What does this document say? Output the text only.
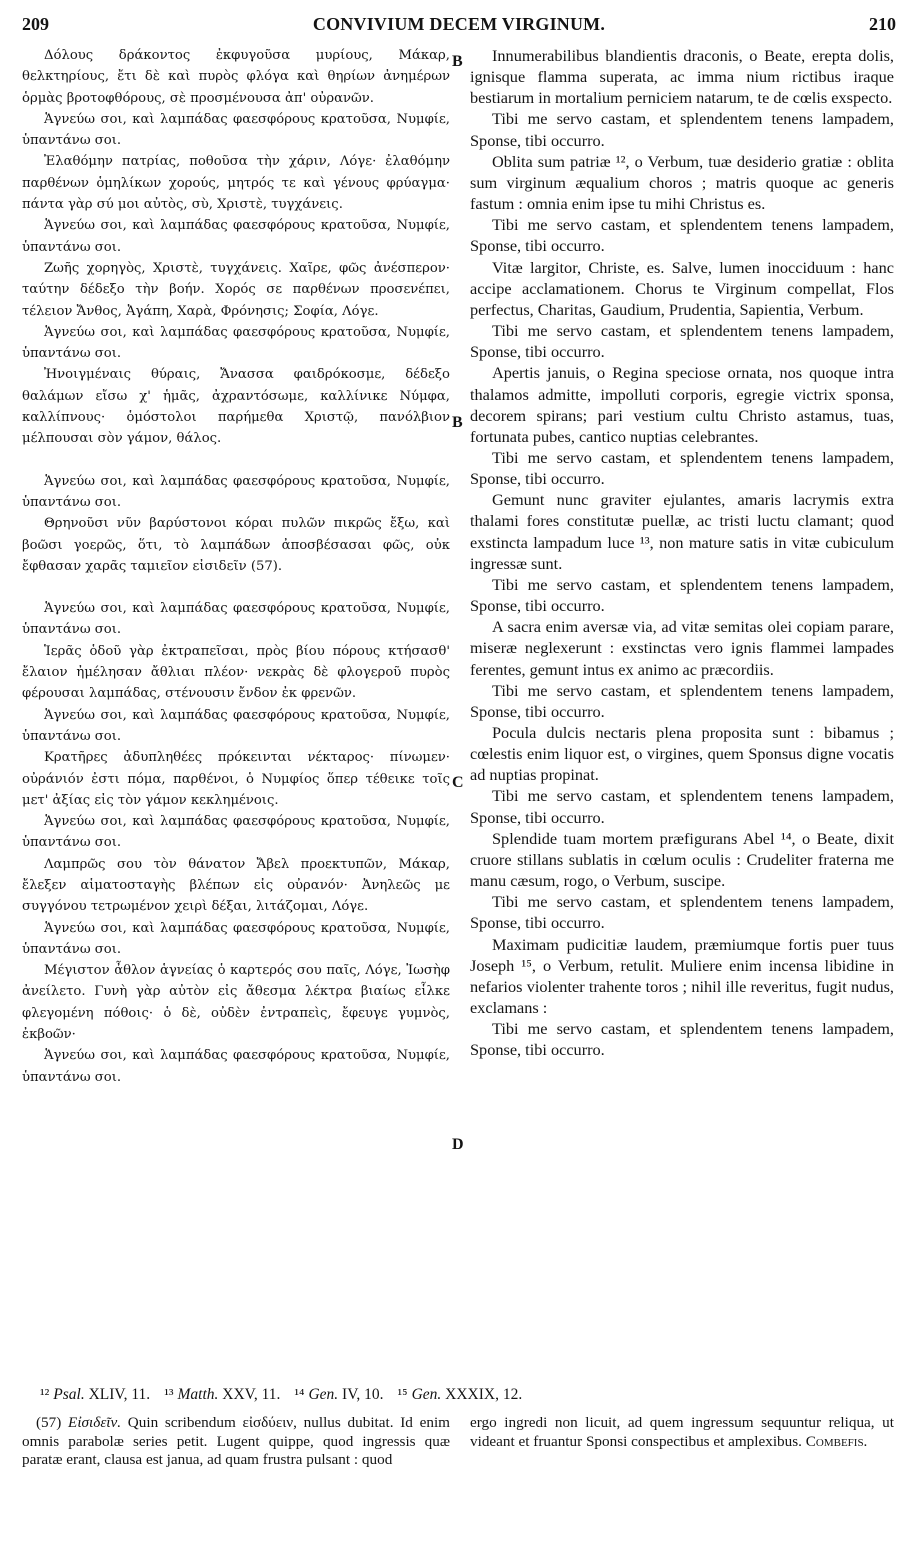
209	CONVIVIUM DECEM VIRGINUM.	210
Δόλους δράκοντος ἐκφυγοῦσα μυρίους, Μάκαρ, θελκτηρίους, ἔτι δὲ καὶ πυρὸς φλόγα καὶ θηρίων ἀνημέρων ὁρμὰς βροτοφθόρους, σὲ προσμένουσα ἀπ' οὐρανῶν.
Ἁγνεύω σοι, καὶ λαμπάδας φαεσφόρους κρατοῦσα, Νυμφίε, ὑπαντάνω σοι.
Ἐλαθόμην πατρίας, ποθοῦσα τὴν χάριν, Λόγε· ἐλαθόμην παρθένων ὁμηλίκων χορούς, μητρός τε καὶ γένους φρύαγμα· πάντα γὰρ σύ μοι αὐτὸς, σὺ, Χριστὲ, τυγχάνεις.
Ἁγνεύω σοι, καὶ λαμπάδας φαεσφόρους κρατοῦσα, Νυμφίε, ὑπαντάνω σοι.
Ζωῆς χορηγὸς, Χριστὲ, τυγχάνεις. Χαῖρε, φῶς ἀνέσπερον· ταύτην δέδεξο τὴν βοήν. Χορός σε παρθένων προσενέπει, τέλειον Ἄνθος, Ἀγάπη, Χαρὰ, Φρόνησις; Σοφία, Λόγε.
Ἁγνεύω σοι, καὶ λαμπάδας φαεσφόρους κρατοῦσα, Νυμφίε, ὑπαντάνω σοι.
Ἠνοιγμέναις θύραις, Ἄνασσα φαιδρόκοσμε, δέδεξο θαλάμων εἴσω χ' ἡμᾶς, ἀχραντόσωμε, καλλίνικε Νύμφα, καλλίπνους· ὁμόστολοι παρήμεθα Χριστῷ, πανόλβιον μέλπουσαι σὸν γάμον, θάλος.
Ἁγνεύω σοι, καὶ λαμπάδας φαεσφόρους κρατοῦσα, Νυμφίε, ὑπαντάνω σοι.
Θρηνοῦσι νῦν βαρύστονοι κόραι πυλῶν πικρῶς ἔξω, καὶ βοῶσι γοερῶς, ὅτι, τὸ λαμπάδων ἀποσβέσασαι φῶς, οὐκ ἔφθασαν χαρᾶς ταμιεῖον εἰσιδεῖν (57).
Ἁγνεύω σοι, καὶ λαμπάδας φαεσφόρους κρατοῦσα, Νυμφίε, ὑπαντάνω σοι.
Ἱερᾶς ὁδοῦ γὰρ ἐκτραπεῖσαι, πρὸς βίου πόρους κτήσασθ' ἔλαιον ἠμέλησαν ἄθλιαι πλέον· νεκρὰς δὲ φλογεροῦ πυρὸς φέρουσαι λαμπάδας, στένουσιν ἔνδον ἐκ φρενῶν.
Ἁγνεύω σοι, καὶ λαμπάδας φαεσφόρους κρατοῦσα, Νυμφίε, ὑπαντάνω σοι.
Κρατῆρες ἀδυπληθέες πρόκεινται νέκταρος· πίνωμεν· οὐράνιόν ἐστι πόμα, παρθένοι, ὁ Νυμφίος ὅπερ τέθεικε τοῖς μετ' ἀξίας εἰς τὸν γάμον κεκλημένοις.
Ἁγνεύω σοι, καὶ λαμπάδας φαεσφόρους κρατοῦσα, Νυμφίε, ὑπαντάνω σοι.
Λαμπρῶς σου τὸν θάνατον Ἄβελ προεκτυπῶν, Μάκαρ, ἔλεξεν αἱματοσταγὴς βλέπων εἰς οὐρανόν· Ἀνηλεῶς με συγγόνου τετρωμένον χειρὶ δέξαι, λιτάζομαι, Λόγε.
Ἁγνεύω σοι, καὶ λαμπάδας φαεσφόρους κρατοῦσα, Νυμφίε, ὑπαντάνω σοι.
Μέγιστον ἆθλον ἁγνείας ὁ καρτερός σου παῖς, Λόγε, Ἰωσὴφ ἀνείλετο. Γυνὴ γὰρ αὐτὸν εἰς ἄθεσμα λέκτρα βιαίως εἷλκε φλεγομένη πόθοις· ὁ δὲ, οὐδὲν ἐντραπεὶς, ἔφευγε γυμνὸς, ἐκβοῶν·
Ἁγνεύω σοι, καὶ λαμπάδας φαεσφόρους κρατοῦσα, Νυμφίε, ὑπαντάνω σοι.
Innumerabilibus blandientis draconis, o Beate, erepta dolis, ignisque flamma superata, ac imma nium rictibus iraque bestiarum in mortalium perniciem natarum, te de cœlis exspecto.
Tibi me servo castam, et splendentem tenens lampadem, Sponse, tibi occurro.
Oblita sum patriæ ¹², o Verbum, tuæ desiderio gratiæ : oblita sum virginum æqualium choros ; matris quoque ac generis fastum : omnia enim ipse tu mihi Christus es.
Tibi me servo castam, et splendentem tenens lampadem, Sponse, tibi occurro.
Vitæ largitor, Christe, es. Salve, lumen inocciduum : hanc accipe acclamationem. Chorus te Virginum compellat, Flos perfectus, Charitas, Gaudium, Prudentia, Sapientia, Verbum.
Tibi me servo castam, et splendentem tenens lampadem, Sponse, tibi occurro.
Apertis januis, o Regina speciose ornata, nos quoque intra thalamos admitte, impolluti corporis, egregie victrix sponsa, decorem spirans; pari vestium cultu Christo astamus, tuas, fortunata pubes, cantico nuptias celebrantes.
Tibi me servo castam, et splendentem tenens lampadem, Sponse, tibi occurro.
Gemunt nunc graviter ejulantes, amaris lacrymis extra thalami fores constitutæ puellæ, ac tristi luctu clamant; quod exstincta lampadum luce ¹³, non mature satis in vitæ cubiculum ingressæ sunt.
Tibi me servo castam, et splendentem tenens lampadem, Sponse, tibi occurro.
A sacra enim aversæ via, ad vitæ semitas olei copiam parare, miseræ neglexerunt : exstinctas vero ignis flammei lampades ferentes, gemunt intus ex animo ac præcordiis.
Tibi me servo castam, et splendentem tenens lampadem, Sponse, tibi occurro.
Pocula dulcis nectaris plena proposita sunt : bibamus ; cœlestis enim liquor est, o virgines, quem Sponsus digne vocatis ad nuptias propinat.
Tibi me servo castam, et splendentem tenens lampadem, Sponse, tibi occurro.
Splendide tuam mortem præfigurans Abel ¹⁴, o Beate, dixit cruore stillans sublatis in cœlum oculis : Crudeliter fraterna me manu cæsum, rogo, o Verbum, suscipe.
Tibi me servo castam, et splendentem tenens lampadem, Sponse, tibi occurro.
Maximam pudicitiæ laudem, præmiumque fortis puer tuus Joseph ¹⁵, o Verbum, retulit. Muliere enim incensa libidine in nefarios violenter trahente toros ; nihil ille reveritus, fugit nudus, exclamans :
Tibi me servo castam, et splendentem tenens lampadem, Sponse, tibi occurro.
B
B
C
D
¹² Psal. XLIV, 11. ¹³ Matth. XXV, 11. ¹⁴ Gen. IV, 10. ¹⁵ Gen. XXXIX, 12.
(57) Εἰσιδεῖν. Quin scribendum εἰσδύειν, nullus dubitat. Id enim omnis parabolæ series petit. Lugent quippe, quod ingressis quæ paratæ erant, clausa est janua, ad quam frustra pulsant : quod
ergo ingredi non licuit, ad quem ingressum sequuntur reliqua, ut videant et fruantur Sponsi conspectibus et amplexibus. Combefis.
